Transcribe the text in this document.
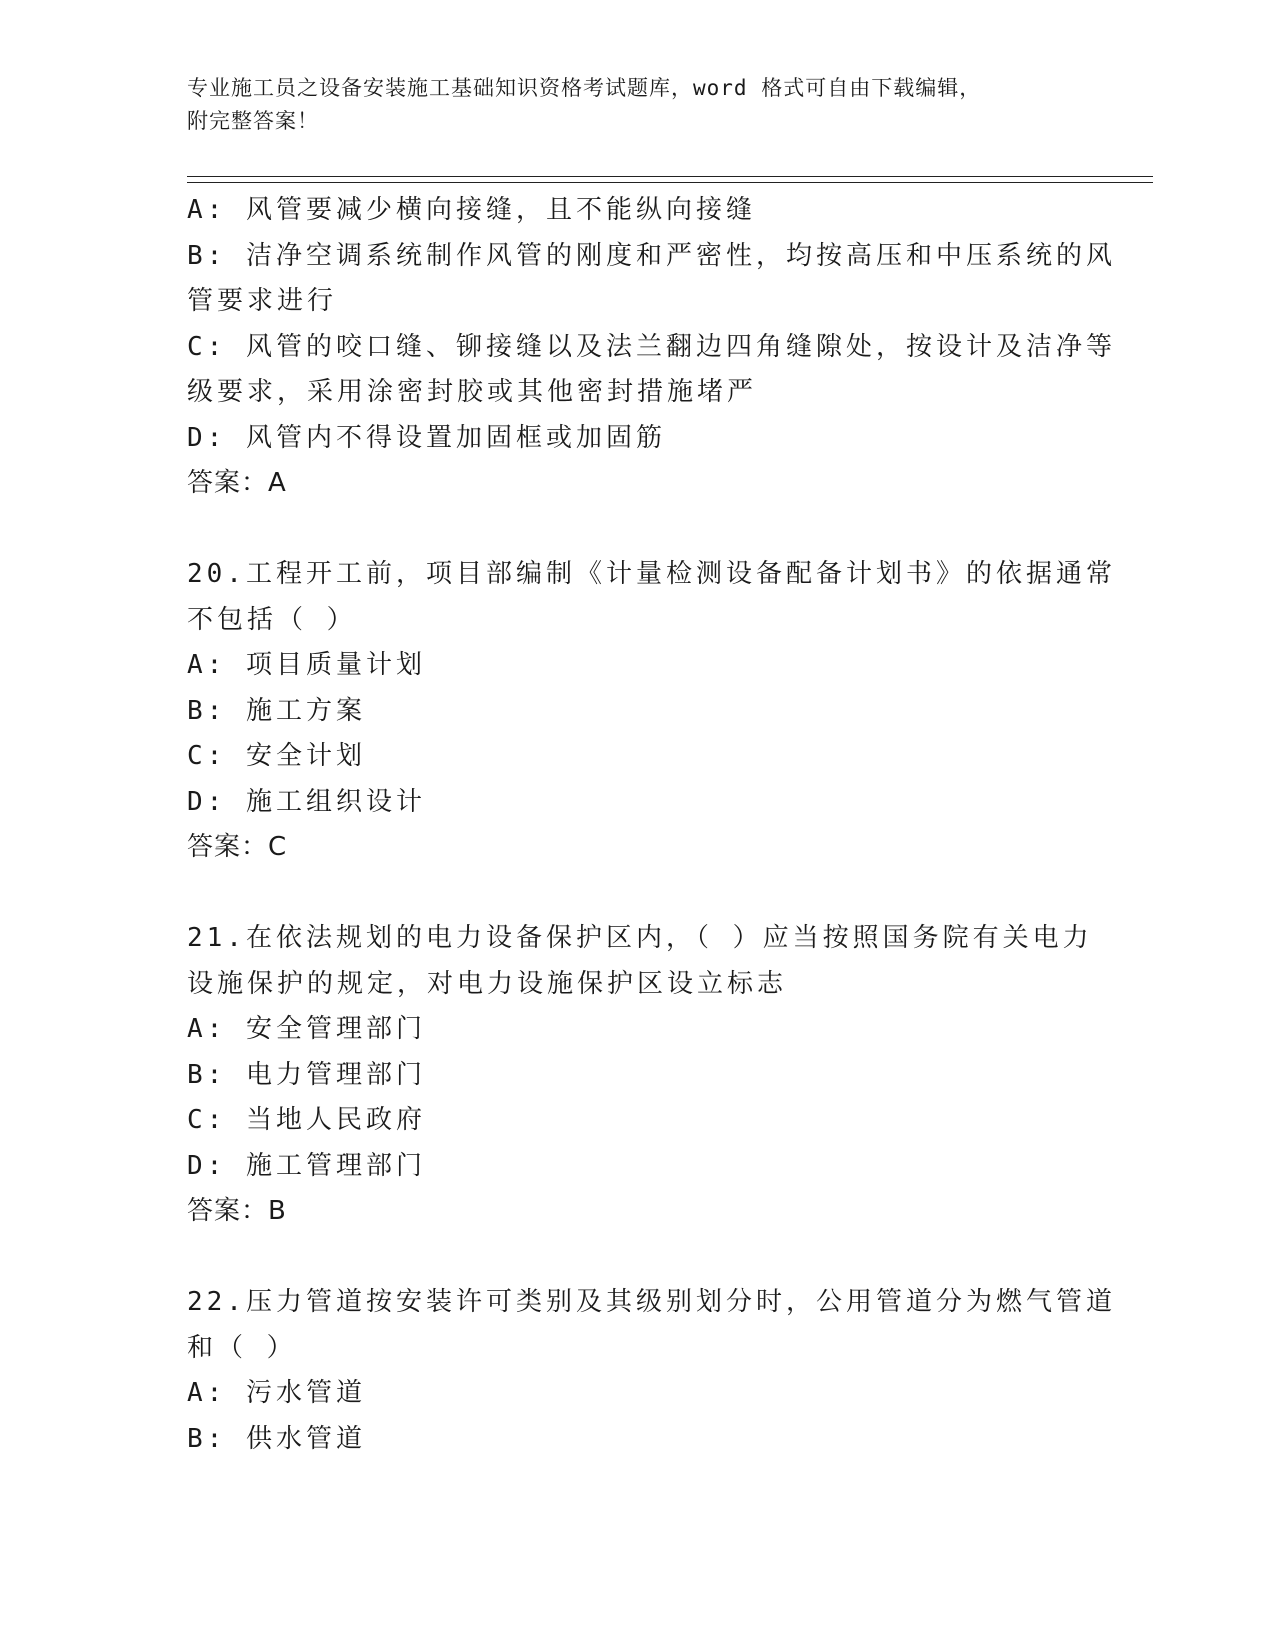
专业施工员之设备安装施工基础知识资格考试题库，word 格式可自由下载编辑，
附完整答案！
A: 风管要减少横向接缝，且不能纵向接缝
B: 洁净空调系统制作风管的刚度和严密性，均按高压和中压系统的风
管要求进行
C: 风管的咬口缝、铆接缝以及法兰翻边四角缝隙处，按设计及洁净等
级要求，采用涂密封胶或其他密封措施堵严
D: 风管内不得设置加固框或加固筋
答案：A
20.工程开工前，项目部编制《计量检测设备配备计划书》的依据通常
不包括（ ）
A: 项目质量计划
B: 施工方案
C: 安全计划
D: 施工组织设计
答案：C
21.在依法规划的电力设备保护区内，（ ）应当按照国务院有关电力
设施保护的规定，对电力设施保护区设立标志
A: 安全管理部门
B: 电力管理部门
C: 当地人民政府
D: 施工管理部门
答案：B
22.压力管道按安装许可类别及其级别划分时，公用管道分为燃气管道
和（ ）
A: 污水管道
B: 供水管道
